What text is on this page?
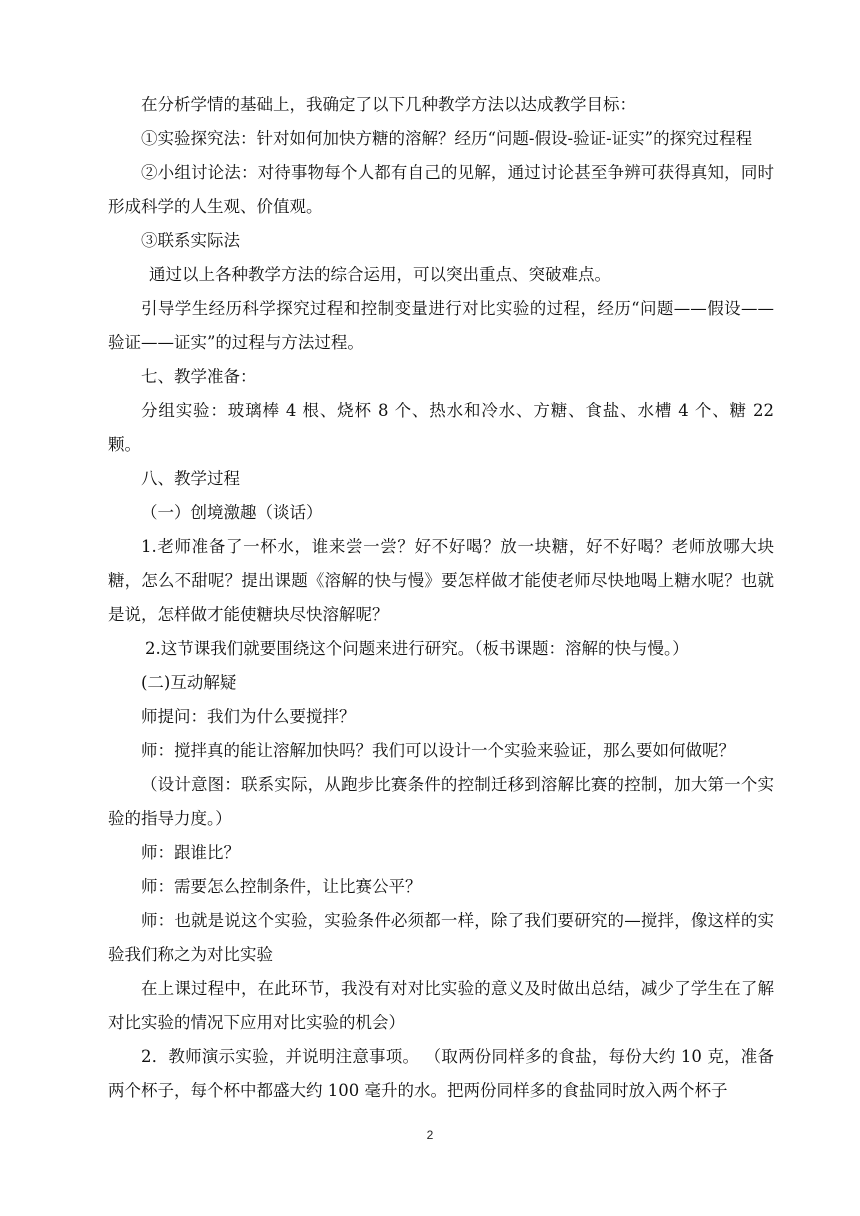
在分析学情的基础上，我确定了以下几种教学方法以达成教学目标：

①实验探究法：针对如何加快方糖的溶解？经历“问题-假设-验证-证实”的探究过程程

②小组讨论法：对待事物每个人都有自己的见解，通过讨论甚至争辨可获得真知，同时形成科学的人生观、价值观。

③联系实际法

通过以上各种教学方法的综合运用，可以突出重点、突破难点。

引导学生经历科学探究过程和控制变量进行对比实验的过程，经历“问题——假设——验证——证实”的过程与方法过程。

七、教学准备：

分组实验：玻璃棒 4 根、烧杯 8 个、热水和冷水、方糖、食盐、水槽 4 个、糖 22 颗。

八、教学过程

（一）创境激趣（谈话）

1.老师准备了一杯水，谁来尝一尝？好不好喝？放一块糖，好不好喝？老师放哪大块糖，怎么不甜呢？提出课题《溶解的快与慢》要怎样做才能使老师尽快地喝上糖水呢？也就是说，怎样做才能使糖块尽快溶解呢？

2.这节课我们就要围绕这个问题来进行研究。（板书课题：溶解的快与慢。）

(二)互动解疑

师提问：我们为什么要搅拌？

师：搅拌真的能让溶解加快吗？我们可以设计一个实验来验证，那么要如何做呢？

（设计意图：联系实际，从跑步比赛条件的控制迁移到溶解比赛的控制，加大第一个实验的指导力度。）

师：跟谁比？

师：需要怎么控制条件，让比赛公平？

师：也就是说这个实验，实验条件必须都一样，除了我们要研究的—搅拌，像这样的实验我们称之为对比实验

在上课过程中，在此环节，我没有对对比实验的意义及时做出总结，减少了学生在了解对比实验的情况下应用对比实验的机会）

2．教师演示实验，并说明注意事项。 （取两份同样多的食盐，每份大约 10 克，准备两个杯子，每个杯中都盛大约 100 毫升的水。把两份同样多的食盐同时放入两个杯子

2
